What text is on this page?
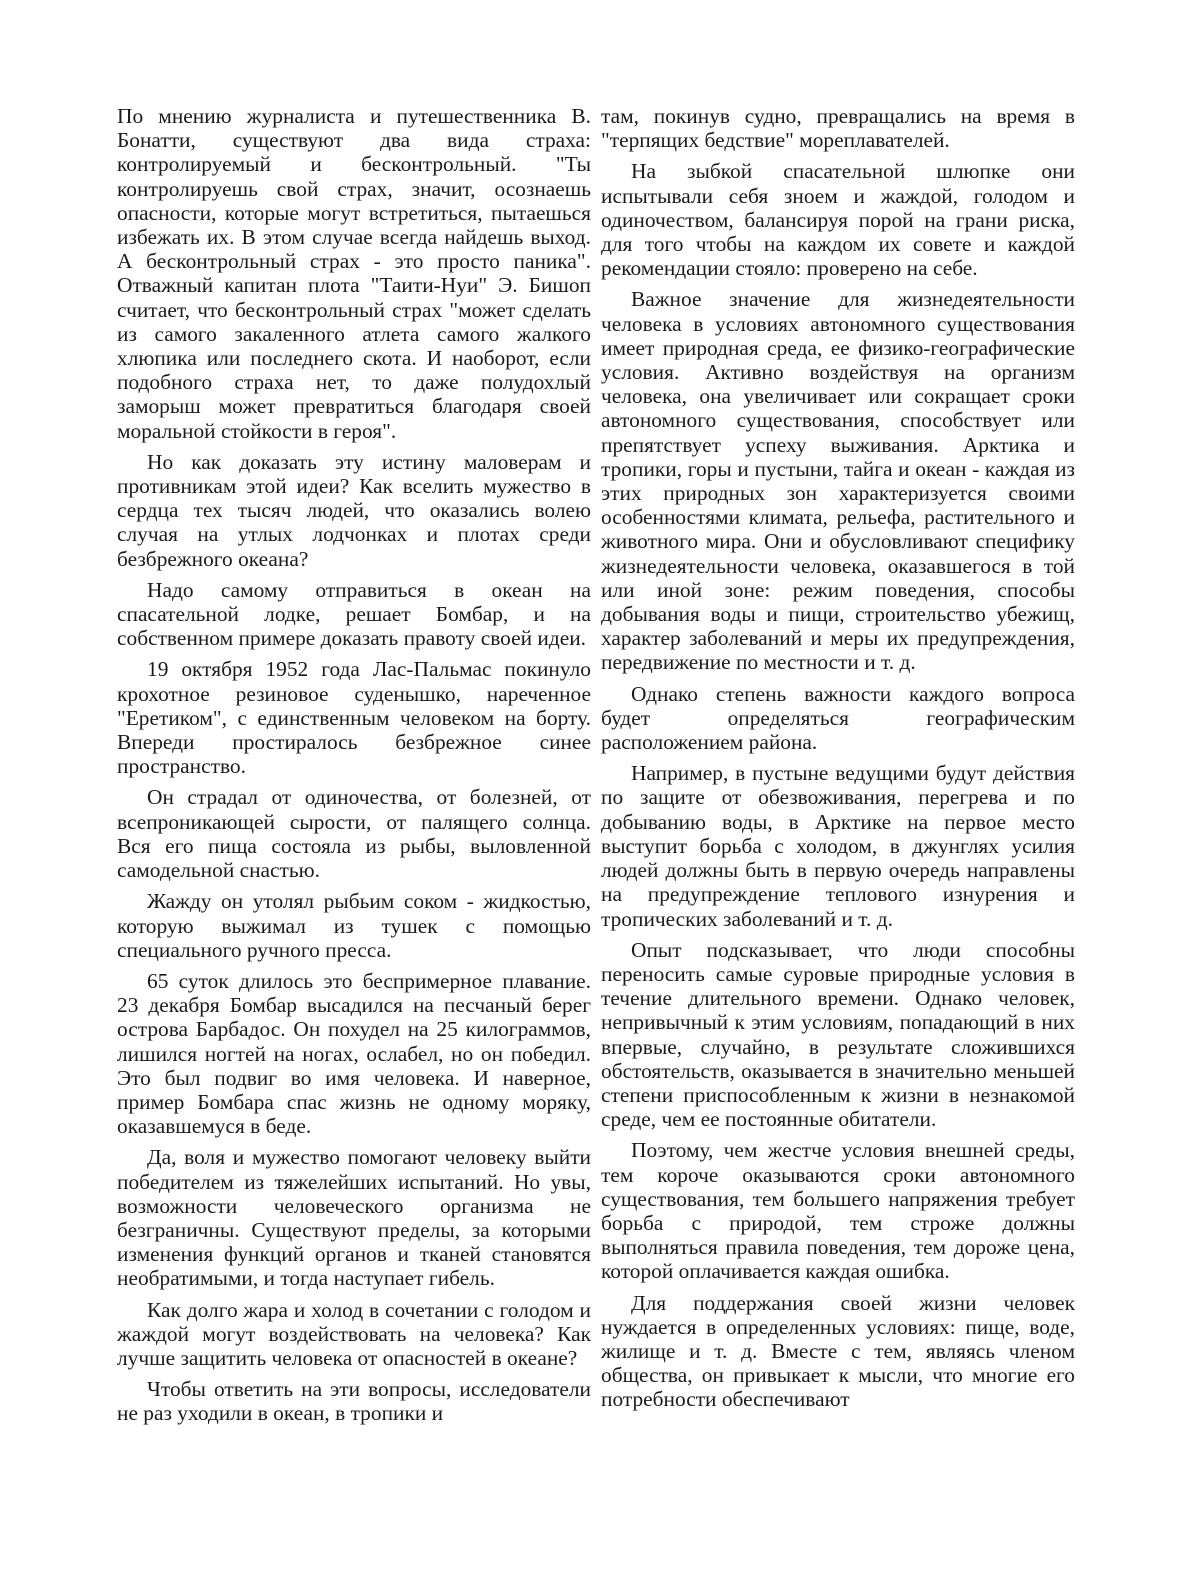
По мнению журналиста и путешественника В. Бонатти, существуют два вида страха: контролируемый и бесконтрольный. "Ты контролируешь свой страх, значит, осознаешь опасности, которые могут встретиться, пытаешься избежать их. В этом случае всегда найдешь выход. А бесконтрольный страх - это просто паника". Отважный капитан плота "Таити-Нуи" Э. Бишоп считает, что бесконтрольный страх "может сделать из самого закаленного атлета самого жалкого хлюпика или последнего скота. И наоборот, если подобного страха нет, то даже полудохлый заморыш может превратиться благодаря своей моральной стойкости в героя".

Но как доказать эту истину маловерам и противникам этой идеи? Как вселить мужество в сердца тех тысяч людей, что оказались волею случая на утлых лодчонках и плотах среди безбрежного океана?

Надо самому отправиться в океан на спасательной лодке, решает Бомбар, и на собственном примере доказать правоту своей идеи.

19 октября 1952 года Лас-Пальмас покинуло крохотное резиновое суденышко, нареченное "Еретиком", с единственным человеком на борту. Впереди простиралось безбрежное синее пространство.

Он страдал от одиночества, от болезней, от всепроникающей сырости, от палящего солнца. Вся его пища состояла из рыбы, выловленной самодельной снастью.

Жажду он утолял рыбьим соком - жидкостью, которую выжимал из тушек с помощью специального ручного пресса.

65 суток длилось это беспримерное плавание. 23 декабря Бомбар высадился на песчаный берег острова Барбадос. Он похудел на 25 килограммов, лишился ногтей на ногах, ослабел, но он победил. Это был подвиг во имя человека. И наверное, пример Бомбара спас жизнь не одному моряку, оказавшемуся в беде.

Да, воля и мужество помогают человеку выйти победителем из тяжелейших испытаний. Но увы, возможности человеческого организма не безграничны. Существуют пределы, за которыми изменения функций органов и тканей становятся необратимыми, и тогда наступает гибель.

Как долго жара и холод в сочетании с голодом и жаждой могут воздействовать на человека? Как лучше защитить человека от опасностей в океане?

Чтобы ответить на эти вопросы, исследователи не раз уходили в океан, в тропики и

там, покинув судно, превращались на время в "терпящих бедствие" мореплавателей.

На зыбкой спасательной шлюпке они испытывали себя зноем и жаждой, голодом и одиночеством, балансируя порой на грани риска, для того чтобы на каждом их совете и каждой рекомендации стояло: проверено на себе.

Важное значение для жизнедеятельности человека в условиях автономного существования имеет природная среда, ее физико-географические условия. Активно воздействуя на организм человека, она увеличивает или сокращает сроки автономного существования, способствует или препятствует успеху выживания. Арктика и тропики, горы и пустыни, тайга и океан - каждая из этих природных зон характеризуется своими особенностями климата, рельефа, растительного и животного мира. Они и обусловливают специфику жизнедеятельности человека, оказавшегося в той или иной зоне: режим поведения, способы добывания воды и пищи, строительство убежищ, характер заболеваний и меры их предупреждения, передвижение по местности и т. д.

Однако степень важности каждого вопроса будет определяться географическим расположением района.

Например, в пустыне ведущими будут действия по защите от обезвоживания, перегрева и по добыванию воды, в Арктике на первое место выступит борьба с холодом, в джунглях усилия людей должны быть в первую очередь направлены на предупреждение теплового изнурения и тропических заболеваний и т. д.

Опыт подсказывает, что люди способны переносить самые суровые природные условия в течение длительного времени. Однако человек, непривычный к этим условиям, попадающий в них впервые, случайно, в результате сложившихся обстоятельств, оказывается в значительно меньшей степени приспособленным к жизни в незнакомой среде, чем ее постоянные обитатели.

Поэтому, чем жестче условия внешней среды, тем короче оказываются сроки автономного существования, тем большего напряжения требует борьба с природой, тем строже должны выполняться правила поведения, тем дороже цена, которой оплачивается каждая ошибка.

Для поддержания своей жизни человек нуждается в определенных условиях: пище, воде, жилище и т. д. Вместе с тем, являясь членом общества, он привыкает к мысли, что многие его потребности обеспечивают
